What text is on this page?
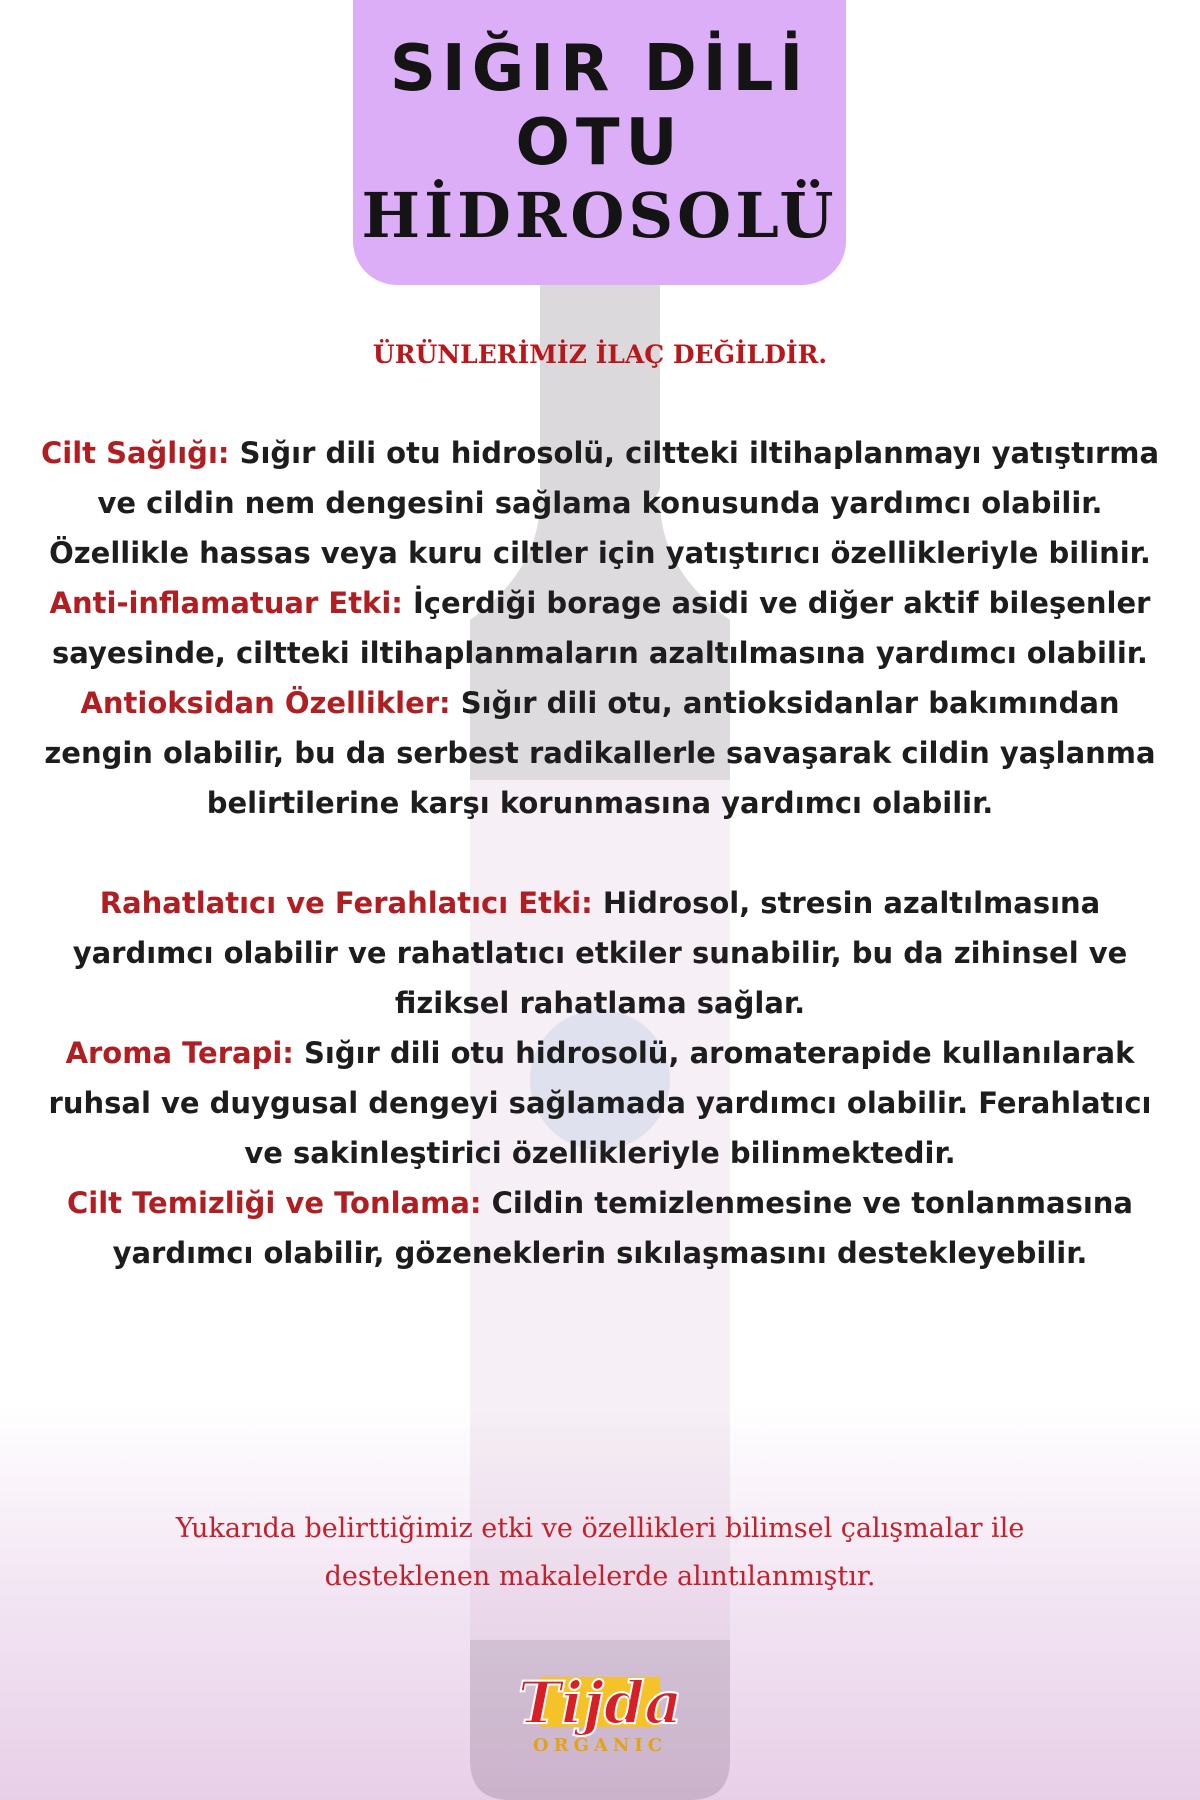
SIĞIR DİLİ
OTU
HİDROSOLÜ
ÜRÜNLERİMİZ İLAÇ DEĞİLDİR.

Cilt Sağlığı: Sığır dili otu hidrosolü, ciltteki iltihaplanmayı yatıştırma ve cildin nem dengesini sağlama konusunda yardımcı olabilir. Özellikle hassas veya kuru ciltler için yatıştırıcı özellikleriyle bilinir.

Anti-inflamatuar Etki: İçerdiği borage asidi ve diğer aktif bileşenler sayesinde, ciltteki iltihaplanmaların azaltılmasına yardımcı olabilir.

Antioksidan Özellikler: Sığır dili otu, antioksidanlar bakımından zengin olabilir, bu da serbest radikallerle savaşarak cildin yaşlanma belirtilerine karşı korunmasına yardımcı olabilir.

Rahatlatıcı ve Ferahlatıcı Etki: Hidrosol, stresin azaltılmasına yardımcı olabilir ve rahatlatıcı etkiler sunabilir, bu da zihinsel ve fiziksel rahatlama sağlar.

Aroma Terapi: Sığır dili otu hidrosolü, aromaterapide kullanılarak ruhsal ve duygusal dengeyi sağlamada yardımcı olabilir. Ferahlatıcı ve sakinleştirici özellikleriyle bilinmektedir.

Cilt Temizliği ve Tonlama: Cildin temizlenmesine ve tonlanmasına yardımcı olabilir, gözeneklerin sıkılaşmasını destekleyebilir.

Yukarıda belirttiğimiz etki ve özellikleri bilimsel çalışmalar ile
desteklenen makalelerde alıntılanmıştır.
Tijda
ORGANIC
